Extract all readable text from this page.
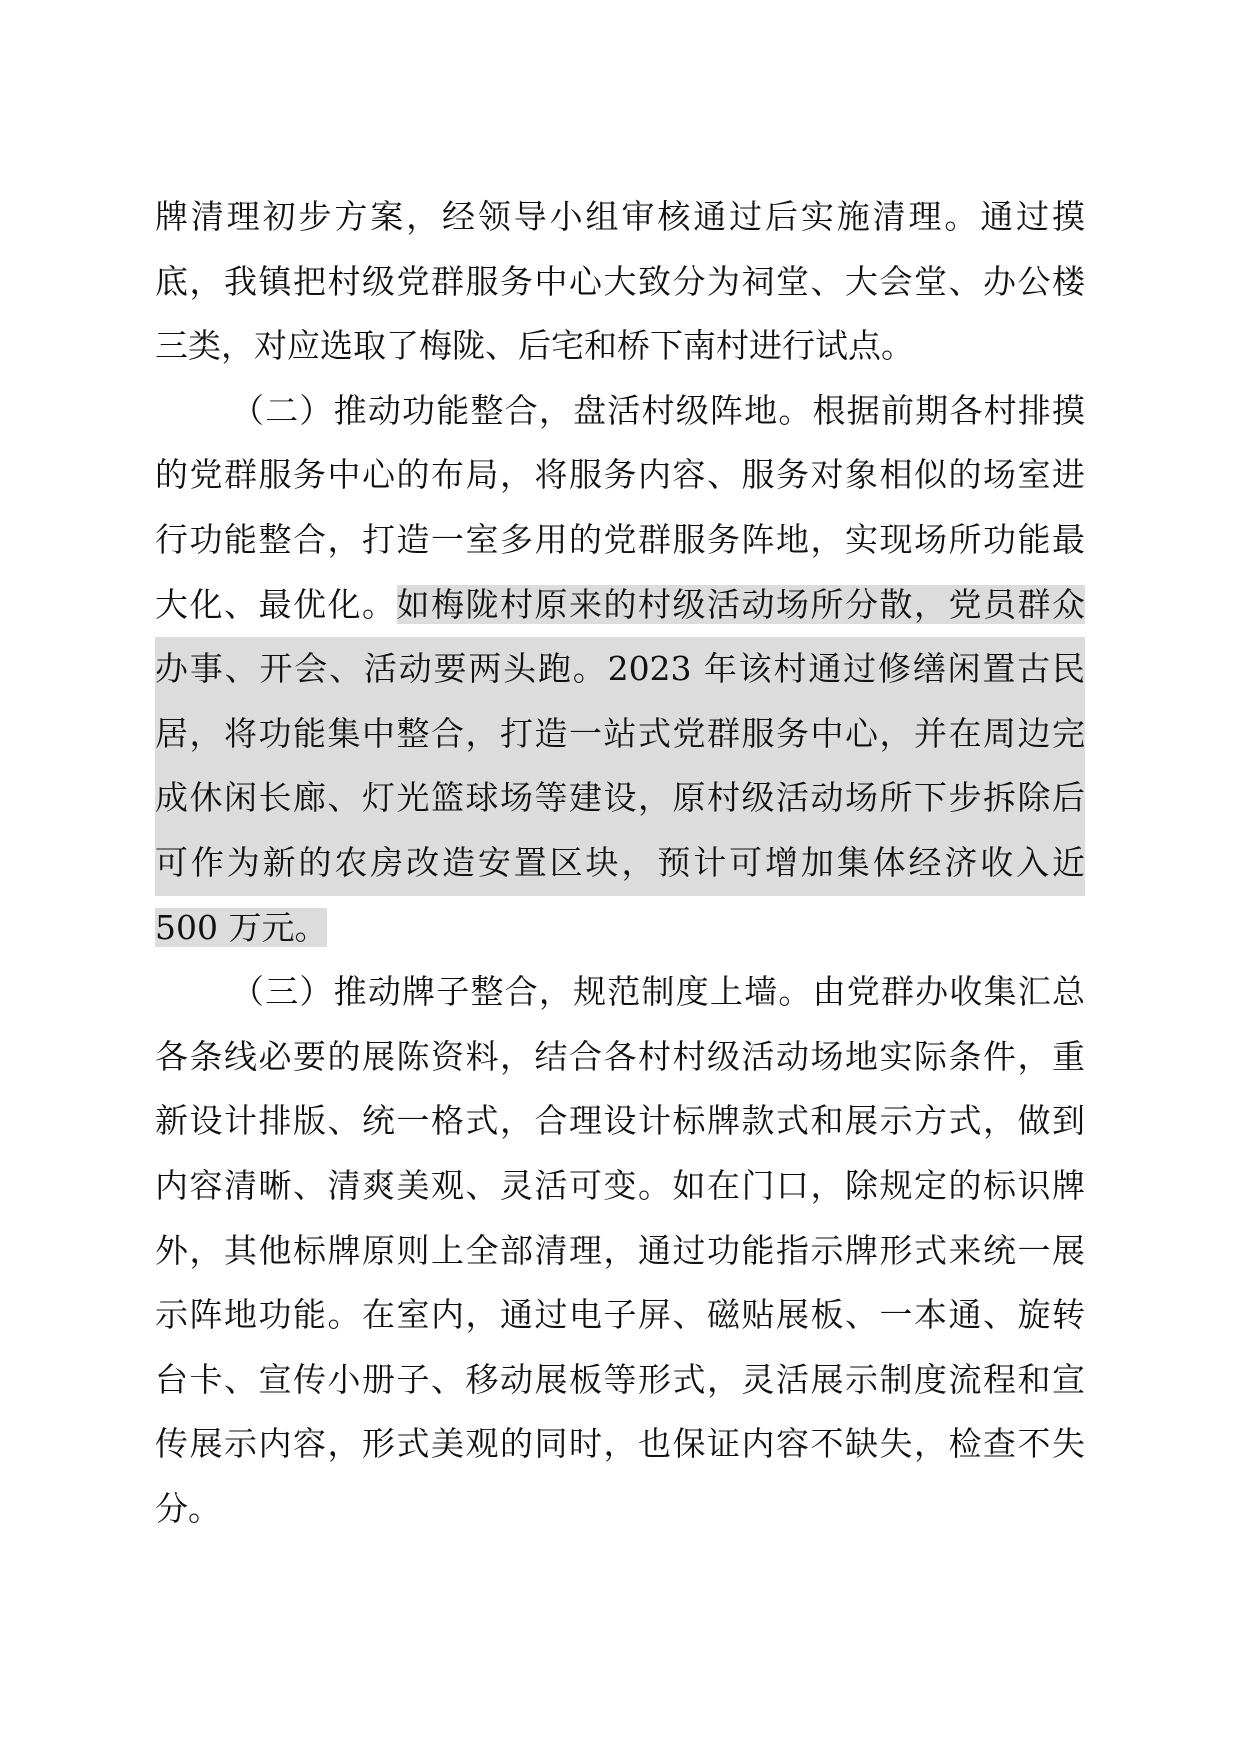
牌清理初步方案，经领导小组审核通过后实施清理。通过摸
底，我镇把村级党群服务中心大致分为祠堂、大会堂、办公楼
三类，对应选取了梅陇、后宅和桥下南村进行试点。
（二）推动功能整合，盘活村级阵地。根据前期各村排摸
的党群服务中心的布局，将服务内容、服务对象相似的场室进
行功能整合，打造一室多用的党群服务阵地，实现场所功能最
大化、最优化。如梅陇村原来的村级活动场所分散，党员群众
办事、开会、活动要两头跑。2023 年该村通过修缮闲置古民
居，将功能集中整合，打造一站式党群服务中心，并在周边完
成休闲长廊、灯光篮球场等建设，原村级活动场所下步拆除后
可作为新的农房改造安置区块，预计可增加集体经济收入近
500 万元。
（三）推动牌子整合，规范制度上墙。由党群办收集汇总
各条线必要的展陈资料，结合各村村级活动场地实际条件，重
新设计排版、统一格式，合理设计标牌款式和展示方式，做到
内容清晰、清爽美观、灵活可变。如在门口，除规定的标识牌
外，其他标牌原则上全部清理，通过功能指示牌形式来统一展
示阵地功能。在室内，通过电子屏、磁贴展板、一本通、旋转
台卡、宣传小册子、移动展板等形式，灵活展示制度流程和宣
传展示内容，形式美观的同时，也保证内容不缺失，检查不失
分。
